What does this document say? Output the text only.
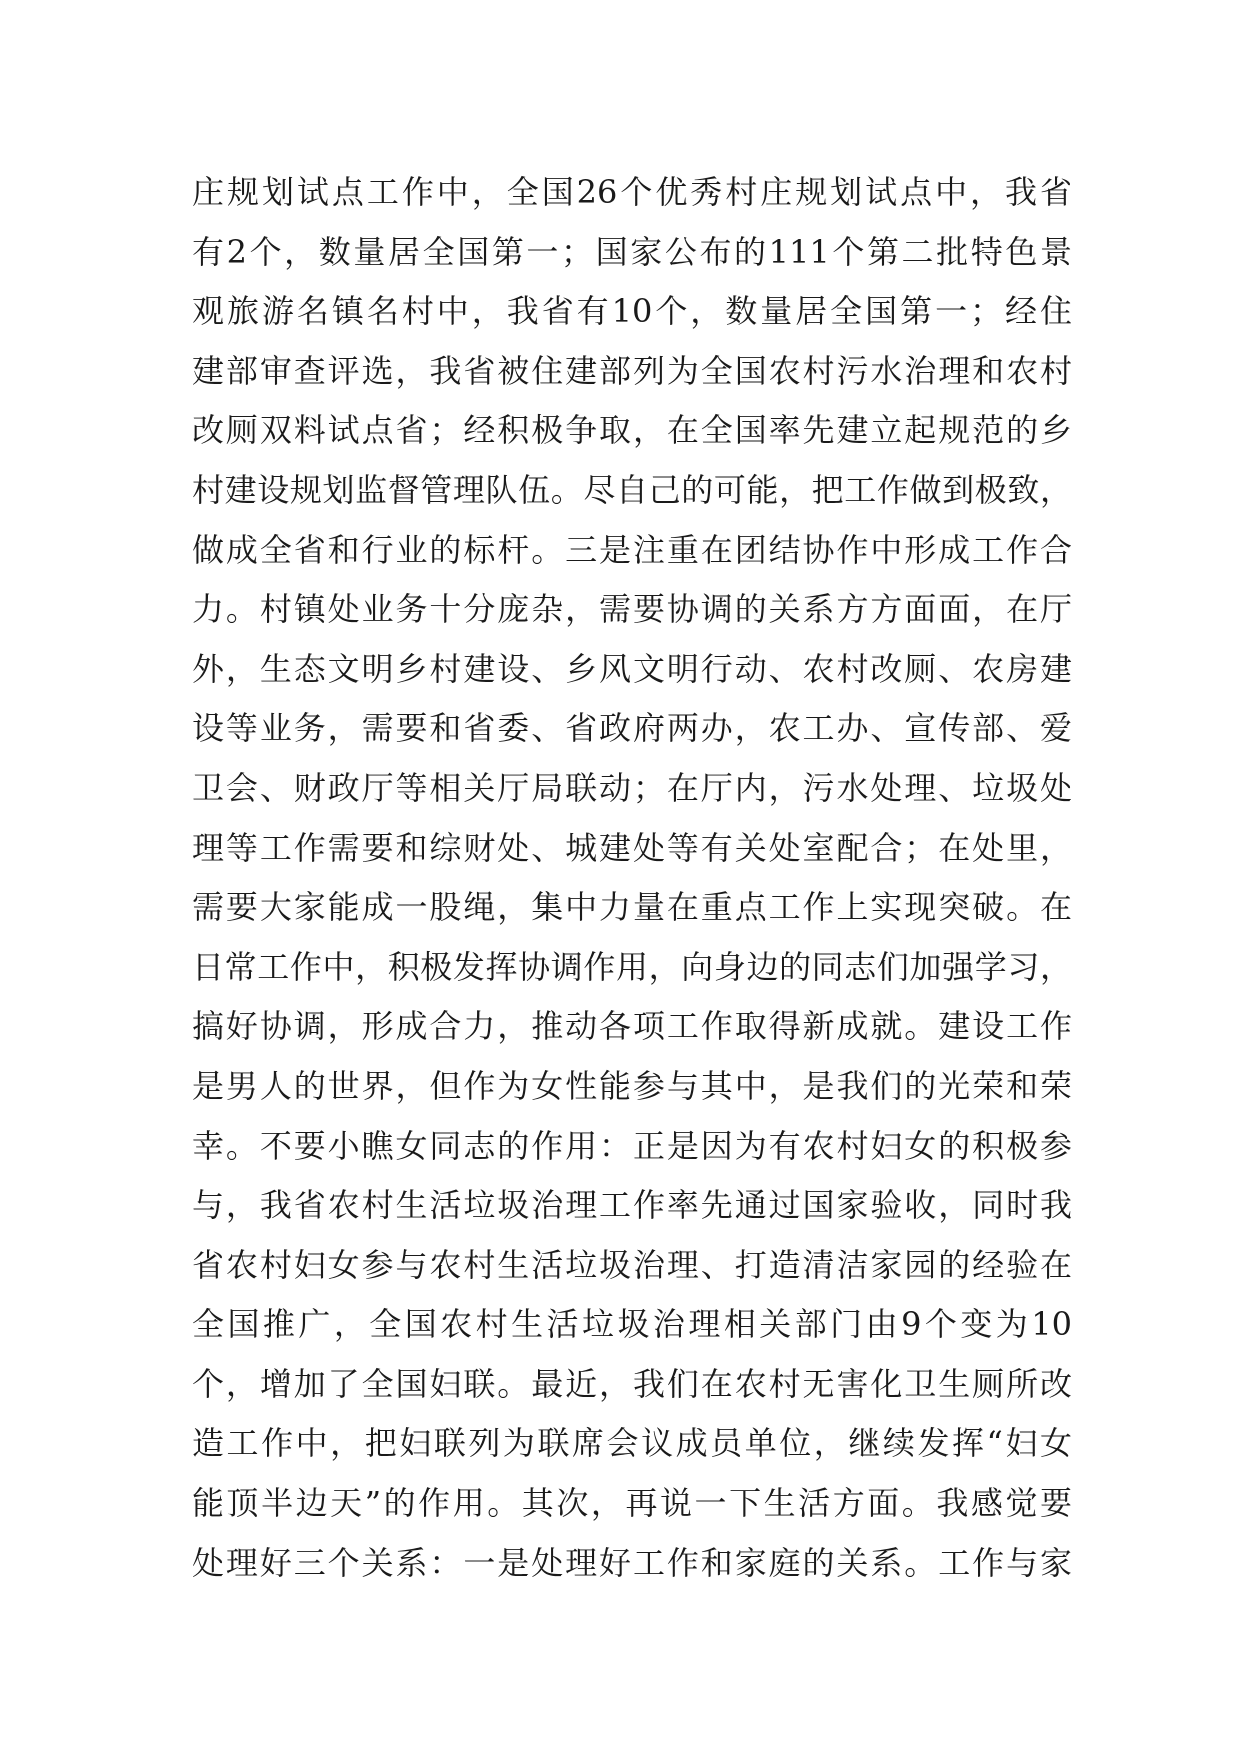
庄规划试点工作中，全国26个优秀村庄规划试点中，我省
有2个，数量居全国第一；国家公布的111个第二批特色景
观旅游名镇名村中，我省有10个，数量居全国第一；经住
建部审查评选，我省被住建部列为全国农村污水治理和农村
改厕双料试点省；经积极争取，在全国率先建立起规范的乡
村建设规划监督管理队伍。尽自己的可能，把工作做到极致，
做成全省和行业的标杆。三是注重在团结协作中形成工作合
力。村镇处业务十分庞杂，需要协调的关系方方面面，在厅
外，生态文明乡村建设、乡风文明行动、农村改厕、农房建
设等业务，需要和省委、省政府两办，农工办、宣传部、爱
卫会、财政厅等相关厅局联动；在厅内，污水处理、垃圾处
理等工作需要和综财处、城建处等有关处室配合；在处里，
需要大家能成一股绳，集中力量在重点工作上实现突破。在
日常工作中，积极发挥协调作用，向身边的同志们加强学习，
搞好协调，形成合力，推动各项工作取得新成就。建设工作
是男人的世界，但作为女性能参与其中，是我们的光荣和荣
幸。不要小瞧女同志的作用：正是因为有农村妇女的积极参
与，我省农村生活垃圾治理工作率先通过国家验收，同时我
省农村妇女参与农村生活垃圾治理、打造清洁家园的经验在
全国推广，全国农村生活垃圾治理相关部门由9个变为10
个，增加了全国妇联。最近，我们在农村无害化卫生厕所改
造工作中，把妇联列为联席会议成员单位，继续发挥“妇女
能顶半边天”的作用。其次，再说一下生活方面。我感觉要
处理好三个关系：一是处理好工作和家庭的关系。工作与家
